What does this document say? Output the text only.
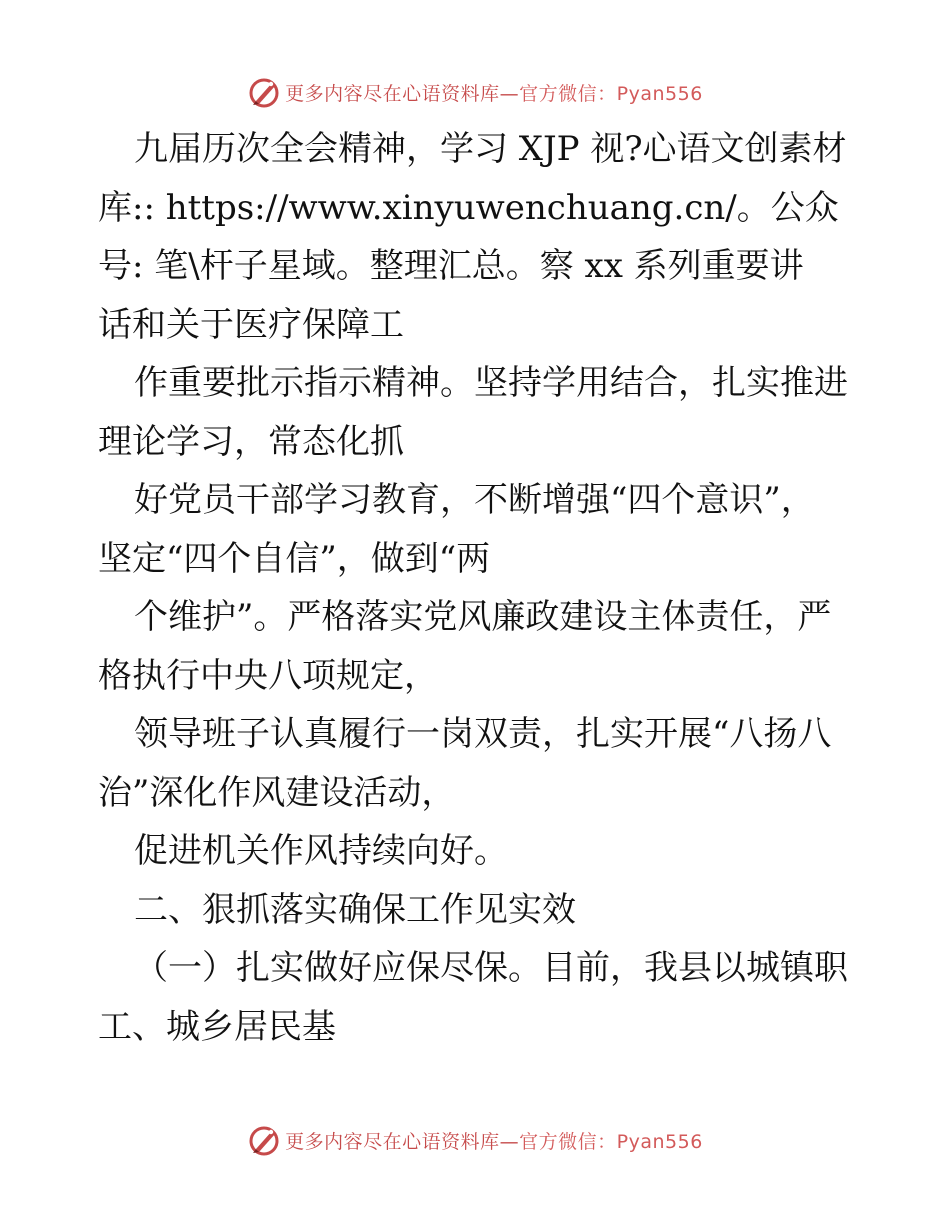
更多内容尽在心语资料库—官方微信：Pyan556
九届历次全会精神，学习 XJP 视?心语文创素材
库:: https://www.xinyuwenchuang.cn/。公众
号: 笔\杆子星域。整理汇总。察 xx 系列重要讲
话和关于医疗保障工
作重要批示指示精神。坚持学用结合，扎实推进
理论学习，常态化抓
好党员干部学习教育，不断增强“四个意识”，
坚定“四个自信”，做到“两
个维护”。严格落实党风廉政建设主体责任，严
格执行中央八项规定，
领导班子认真履行一岗双责，扎实开展“八扬八
治”深化作风建设活动，
促进机关作风持续向好。
二、狠抓落实确保工作见实效
（一）扎实做好应保尽保。目前，我县以城镇职
工、城乡居民基
更多内容尽在心语资料库—官方微信：Pyan556
